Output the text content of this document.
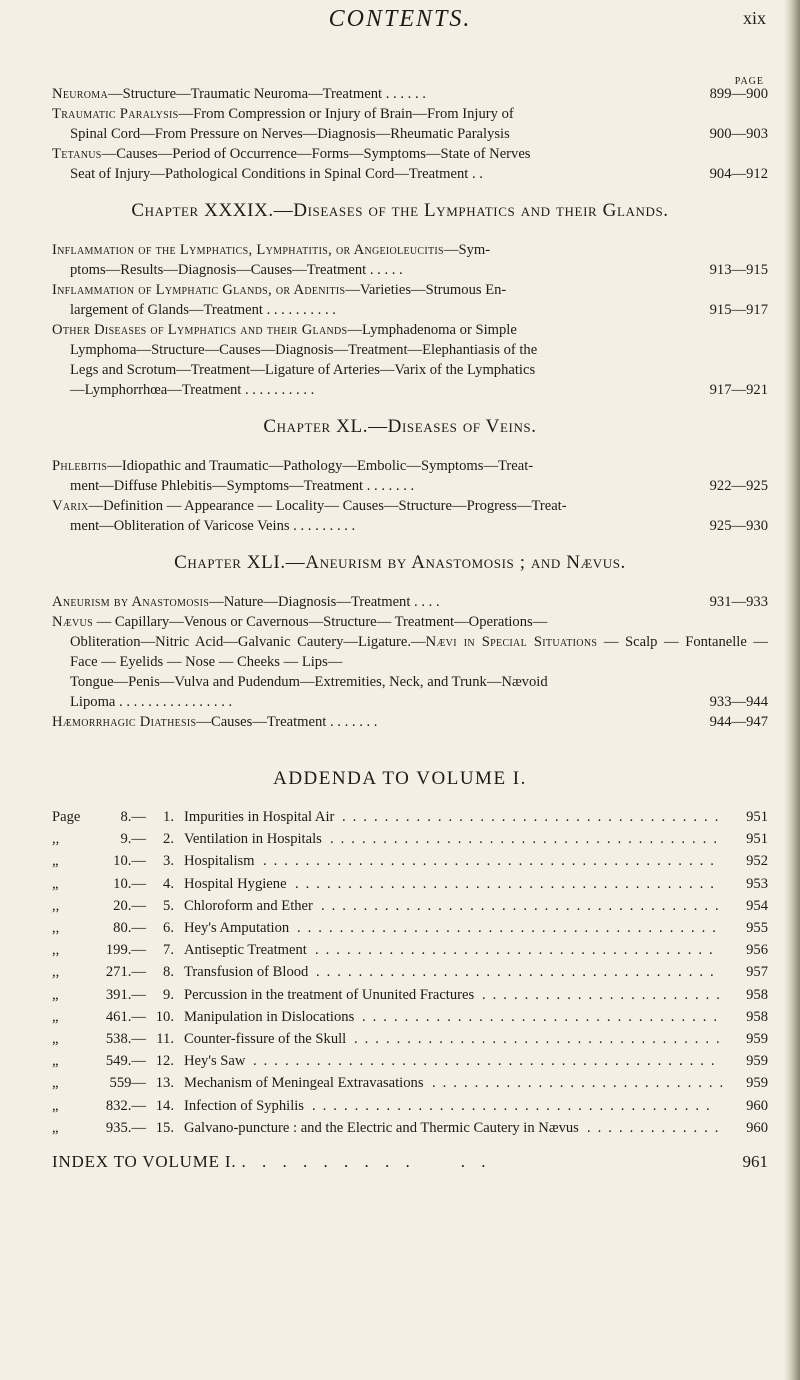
CONTENTS.	xix
PAGE
Neuroma—Structure—Traumatic Neuroma—Treatment . . . . . .	899—900
Traumatic Paralysis—From Compression or Injury of Brain—From Injury of
Spinal Cord—From Pressure on Nerves—Diagnosis—Rheumatic Paralysis	900—903
Tetanus—Causes—Period of Occurrence—Forms—Symptoms—State of Nerves
Seat of Injury—Pathological Conditions in Spinal Cord—Treatment . .	904—912
Chapter XXXIX.—Diseases of the Lymphatics and their Glands.
Inflammation of the Lymphatics, Lymphatitis, or Angeioleucitis—Sym-
ptoms—Results—Diagnosis—Causes—Treatment . . . . .	913—915
Inflammation of Lymphatic Glands, or Adenitis—Varieties—Strumous En-
largement of Glands—Treatment . . . . . . . . . .	915—917
Other Diseases of Lymphatics and their Glands—Lymphadenoma or Simple
Lymphoma—Structure—Causes—Diagnosis—Treatment—Elephantiasis of the
Legs and Scrotum—Treatment—Ligature of Arteries—Varix of the Lymphatics
—Lymphorrhœa—Treatment . . . . . . . . . .	917—921
Chapter XL.—Diseases of Veins.
Phlebitis—Idiopathic and Traumatic—Pathology—Embolic—Symptoms—Treat-
ment—Diffuse Phlebitis—Symptoms—Treatment . . . . . . .	922—925
Varix—Definition — Appearance — Locality— Causes—Structure—Progress—Treat-
ment—Obliteration of Varicose Veins . . . . . . . . .	925—930
Chapter XLI.—Aneurism by Anastomosis ; and Nævus.
Aneurism by Anastomosis—Nature—Diagnosis—Treatment . . . .	931—933
Nævus — Capillary—Venous or Cavernous—Structure— Treatment—Operations—
Obliteration—Nitric Acid—Galvanic Cautery—Ligature.—Nævi in Special Situations — Scalp — Fontanelle — Face — Eyelids — Nose — Cheeks — Lips—
Tongue—Penis—Vulva and Pudendum—Extremities, Neck, and Trunk—Nævoid
Lipoma . . . . . . . . . . . . . . . .	933—944
Hæmorrhagic Diathesis—Causes—Treatment . . . . . . .	944—947
ADDENDA TO VOLUME I.
Page	8.—	1. Impurities in Hospital Air	951
....................................
,,	9.—	2. Ventilation in Hospitals	951
.....................................
„	10.—	3. Hospitalism	952
...........................................
„	10.—	4. Hospital Hygiene	953
........................................
,,	20.—	5. Chloroform and Ether	954
......................................
,,	80.—	6. Hey's Amputation	955
........................................
,,	199.—	7. Antiseptic Treatment	956
......................................
,,	271.—	8. Transfusion of Blood	957
......................................
„	391.—	9. Percussion in the treatment of Ununited Fractures	958
.......................
„	461.— 10. Manipulation in Dislocations	958
..................................
„	538.— 11. Counter-fissure of the Skull	959
...................................
„	549.— 12. Hey's Saw	959
............................................
„	559— 13. Mechanism of Meningeal Extravasations	959
............................
„	832.— 14. Infection of Syphilis	960
......................................
„	935.— 15. Galvano-puncture : and the Electric and Thermic Cautery in Nævus	960
.............
INDEX TO VOLUME I. . . . . . . . . .	. .	961
